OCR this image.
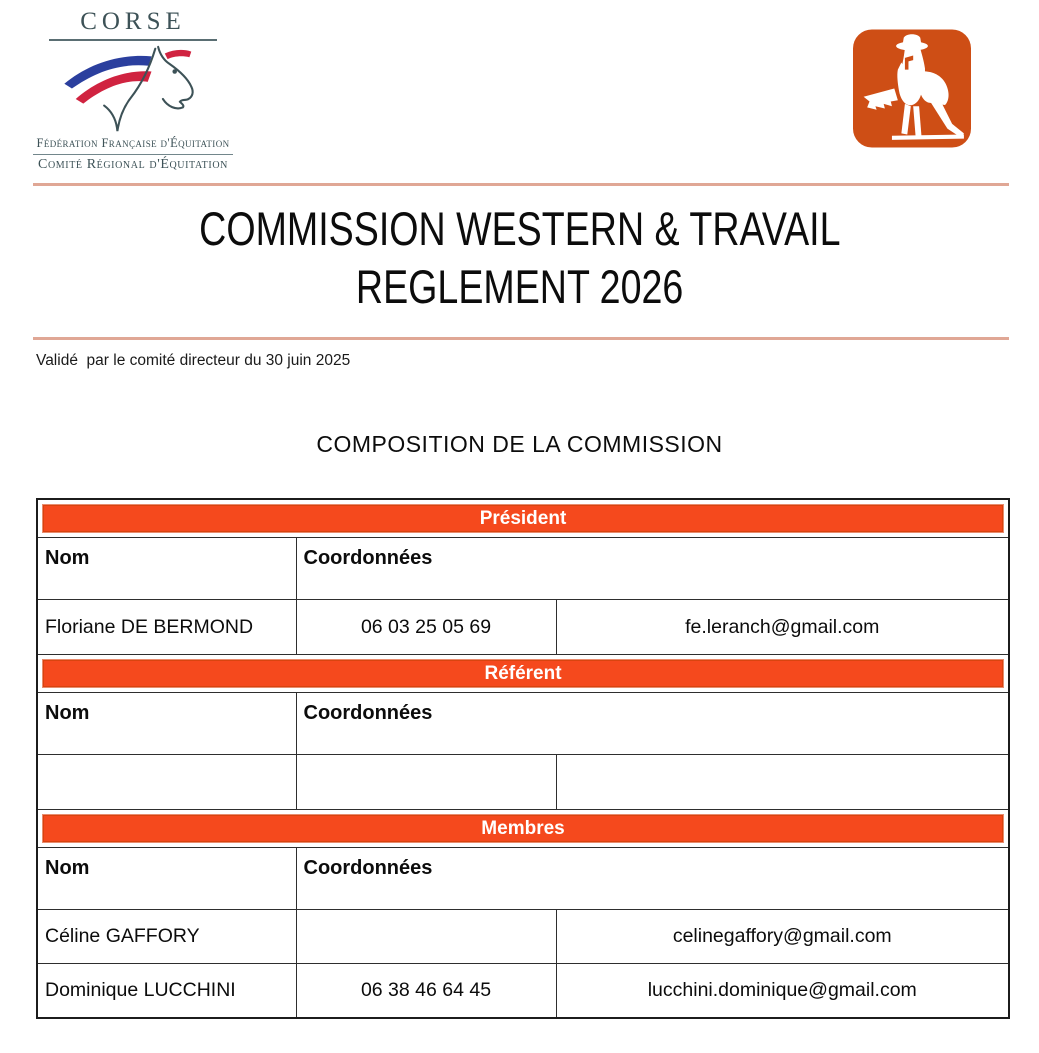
CORSE
Fédération Française d'Équitation
Comité Régional d'Équitation
COMMISSION WESTERN & TRAVAIL
REGLEMENT 2026
Validé  par le comité directeur du 30 juin 2025
COMPOSITION DE LA COMMISSION
Président		

Nom	Coordonnées	
Floriane DE BERMOND	06 03 25 05 69	fe.leranch@gmail.com

Référent		

Nom	Coordonnées	

Membres		

Nom	Coordonnées	
Céline GAFFORY		celinegaffory@gmail.com
Dominique LUCCHINI	06 38 46 64 45	lucchini.dominique@gmail.com
